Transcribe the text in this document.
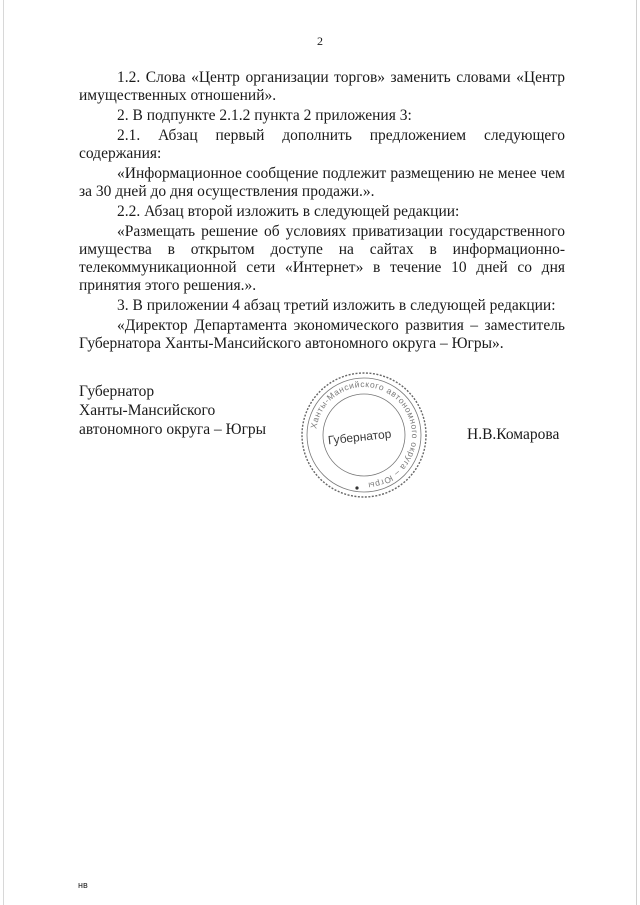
2

1.2. Слова «Центр организации торгов» заменить словами «Центр имущественных отношений».

2. В подпункте 2.1.2 пункта 2 приложения 3:

2.1. Абзац первый дополнить предложением следующего содержания:

«Информационное сообщение подлежит размещению не менее чем за 30 дней до дня осуществления продажи.».

2.2. Абзац второй изложить в следующей редакции:

«Размещать решение об условиях приватизации государственного имущества в открытом доступе на сайтах в информационно-телекоммуникационной сети «Интернет» в течение 10 дней со дня принятия этого решения.».

3. В приложении 4 абзац третий изложить в следующей редакции:

«Директор Департамента экономического развития – заместитель Губернатора Ханты-Мансийского автономного округа – Югры».

Губернатор
Ханты-Мансийского
автономного округа – Югры	Ханты-Мансийского автономного округа – Югры
Губернатор	Н.В.Комарова
нв
